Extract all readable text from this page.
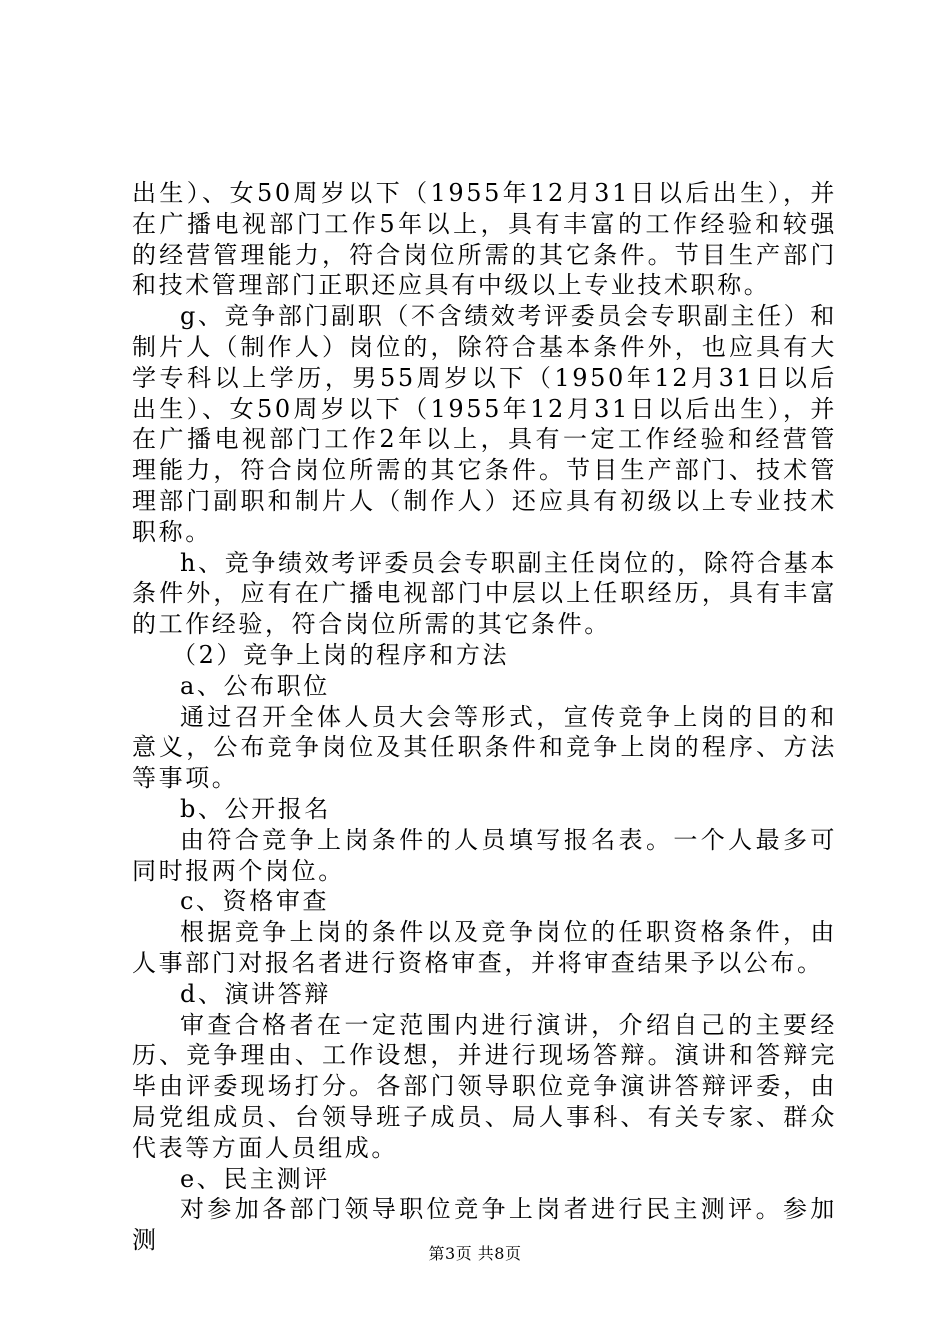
出生）、女50周岁以下（1955年12月31日以后出生），并在广播电视部门工作5年以上，具有丰富的工作经验和较强的经营管理能力，符合岗位所需的其它条件。节目生产部门和技术管理部门正职还应具有中级以上专业技术职称。

g、竞争部门副职（不含绩效考评委员会专职副主任）和制片人（制作人）岗位的，除符合基本条件外，也应具有大学专科以上学历，男55周岁以下（1950年12月31日以后出生）、女50周岁以下（1955年12月31日以后出生），并在广播电视部门工作2年以上，具有一定工作经验和经营管理能力，符合岗位所需的其它条件。节目生产部门、技术管理部门副职和制片人（制作人）还应具有初级以上专业技术职称。

h、竞争绩效考评委员会专职副主任岗位的，除符合基本条件外，应有在广播电视部门中层以上任职经历，具有丰富的工作经验，符合岗位所需的其它条件。

（2）竞争上岗的程序和方法

a、公布职位

通过召开全体人员大会等形式，宣传竞争上岗的目的和意义，公布竞争岗位及其任职条件和竞争上岗的程序、方法等事项。

b、公开报名

由符合竞争上岗条件的人员填写报名表。一个人最多可同时报两个岗位。

c、资格审查

根据竞争上岗的条件以及竞争岗位的任职资格条件，由人事部门对报名者进行资格审查，并将审查结果予以公布。

d、演讲答辩

审查合格者在一定范围内进行演讲，介绍自己的主要经历、竞争理由、工作设想，并进行现场答辩。演讲和答辩完毕由评委现场打分。各部门领导职位竞争演讲答辩评委，由局党组成员、台领导班子成员、局人事科、有关专家、群众代表等方面人员组成。

e、民主测评

对参加各部门领导职位竞争上岗者进行民主测评。参加测	第3页 共8页
